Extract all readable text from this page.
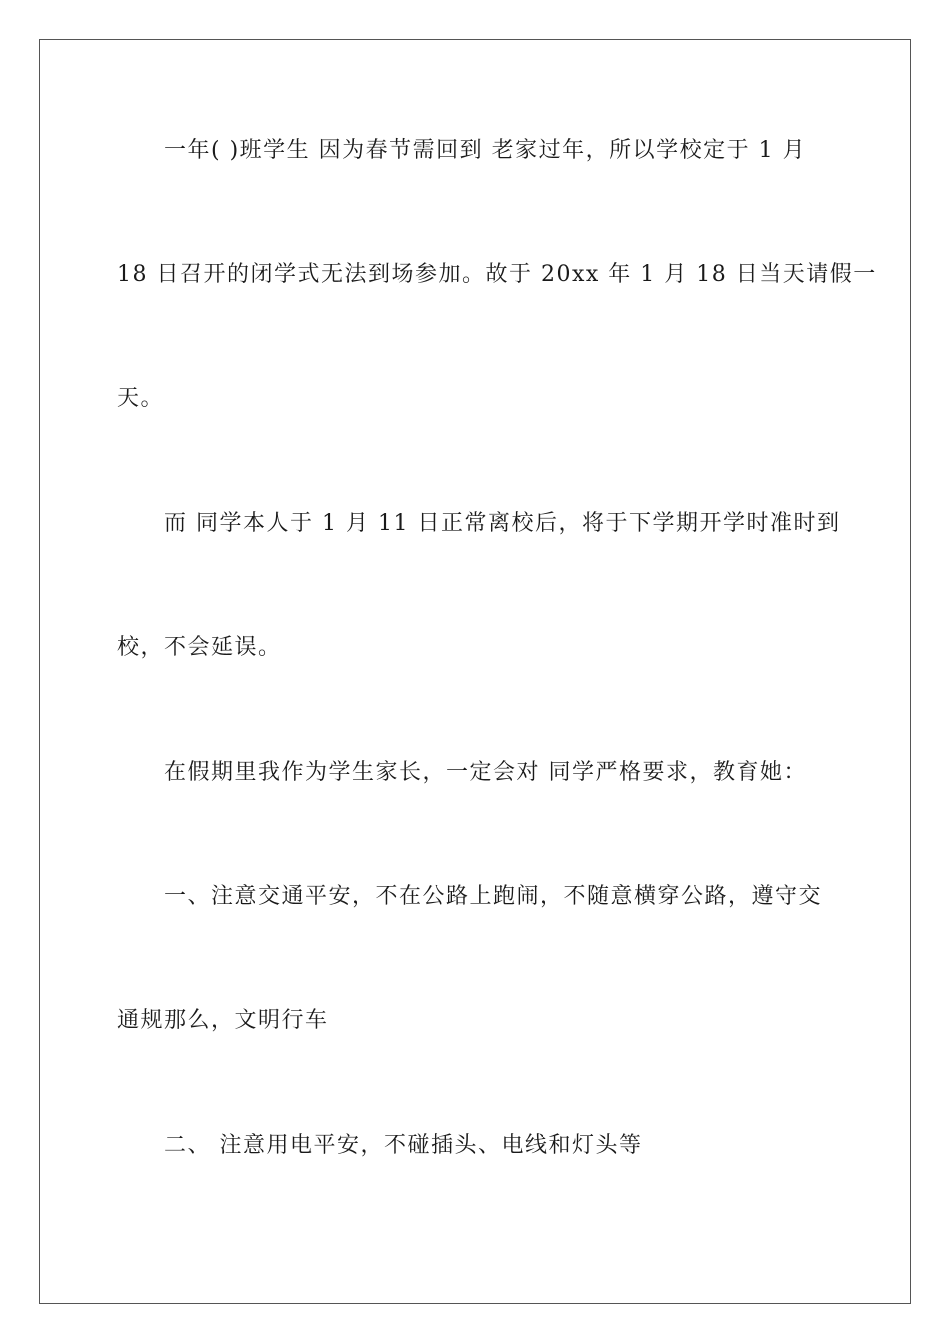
一年( )班学生 因为春节需回到 老家过年，所以学校定于 1 月
18 日召开的闭学式无法到场参加。故于 20xx 年 1 月 18 日当天请假一
天。
而 同学本人于 1 月 11 日正常离校后，将于下学期开学时准时到
校，不会延误。
在假期里我作为学生家长，一定会对 同学严格要求，教育她：
一、注意交通平安，不在公路上跑闹，不随意横穿公路，遵守交
通规那么，文明行车
二、 注意用电平安，不碰插头、电线和灯头等
